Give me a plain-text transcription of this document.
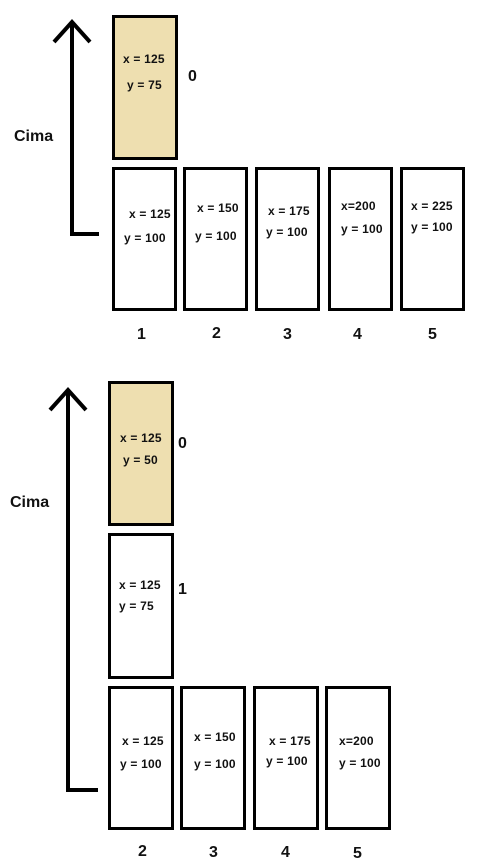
Cima
x = 125
y = 75 0
x = 125
y = 100
x = 150
y = 100
x = 175
y = 100
x=200
y = 100
x = 225
y = 100
1	2	3	4	5
Cima
x = 125
y = 50
0
x = 125
y = 75
1
x = 125
y = 100
x = 150
y = 100
x = 175
y = 100
x=200
y = 100
2	3	4	5
